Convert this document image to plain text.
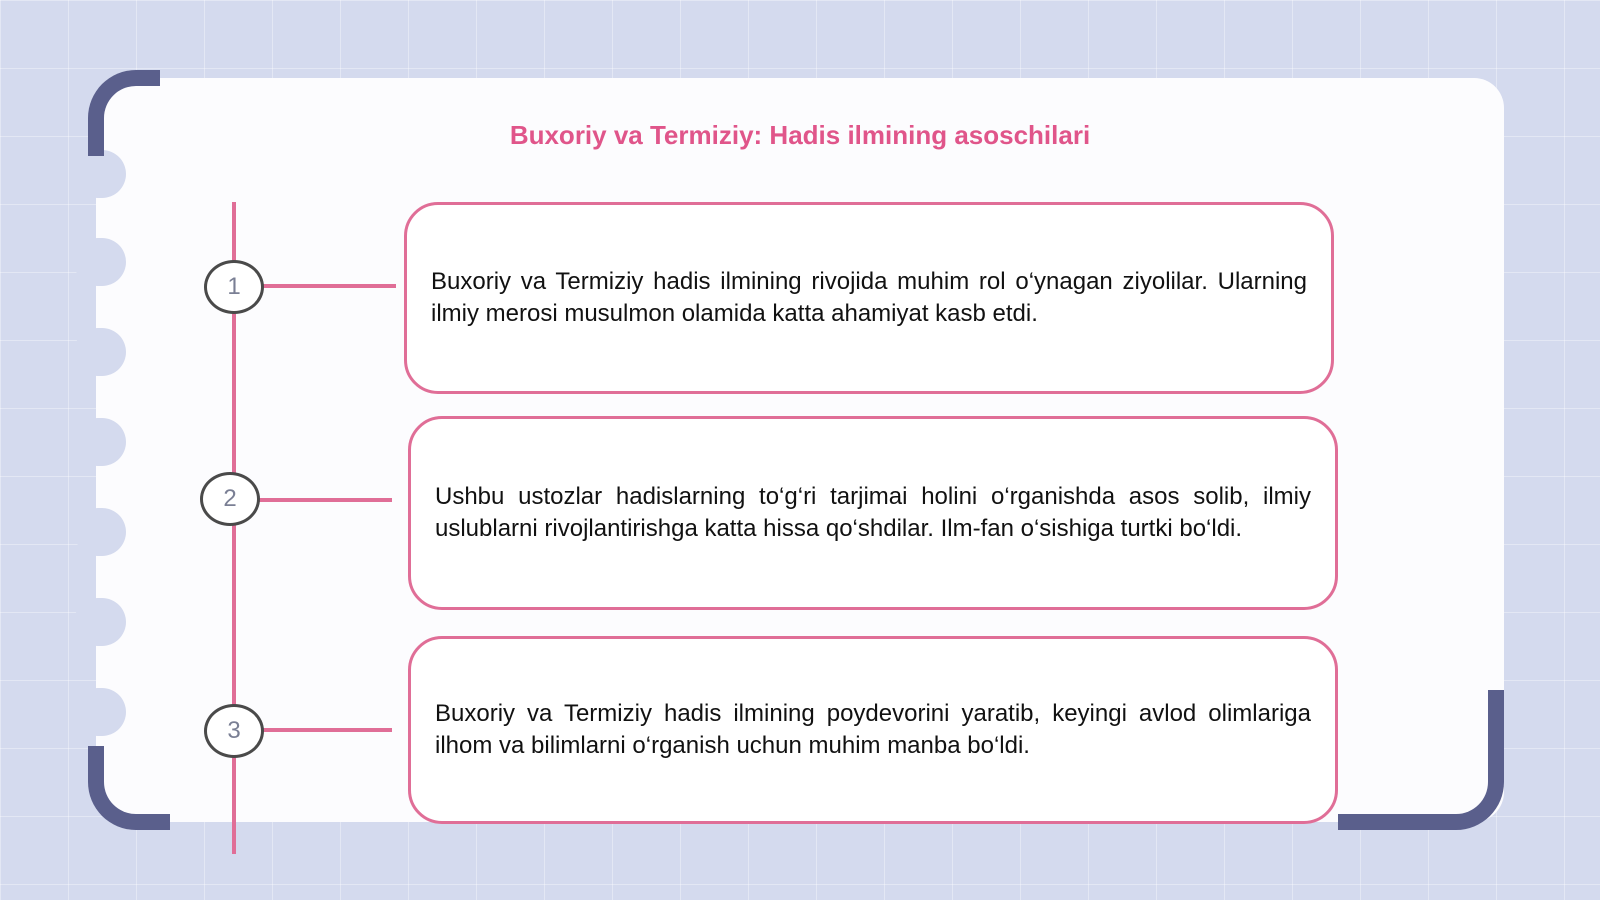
Buxoriy va Termiziy: Hadis ilmining asoschilari
1
2
3

Buxoriy va Termiziy hadis ilmining rivojida muhim rol o‘ynagan ziyolilar. Ularning ilmiy merosi musulmon olamida katta ahamiyat kasb etdi.

Ushbu ustozlar hadislarning to‘g‘ri tarjimai holini o‘rganishda asos solib, ilmiy uslublarni rivojlantirishga katta hissa qo‘shdilar. Ilm-fan o‘sishiga turtki bo‘ldi.

Buxoriy va Termiziy hadis ilmining poydevorini yaratib, keyingi avlod olimlariga ilhom va bilimlarni o‘rganish uchun muhim manba bo‘ldi.
